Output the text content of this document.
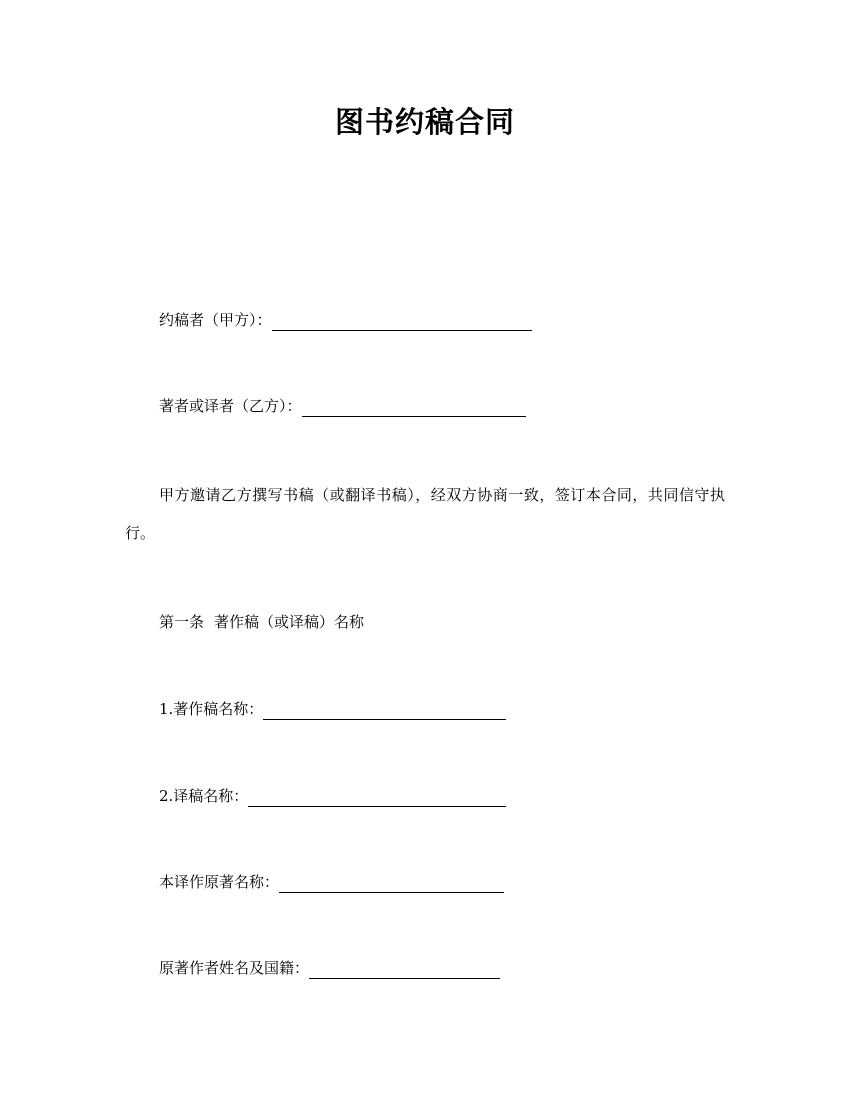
图书约稿合同
约稿者（甲方）：
著者或译者（乙方）：
甲方邀请乙方撰写书稿（或翻译书稿），经双方协商一致，签订本合同，共同信守执行。
第一条 著作稿（或译稿）名称
1.著作稿名称：
2.译稿名称：
本译作原著名称：
原著作者姓名及国籍：
